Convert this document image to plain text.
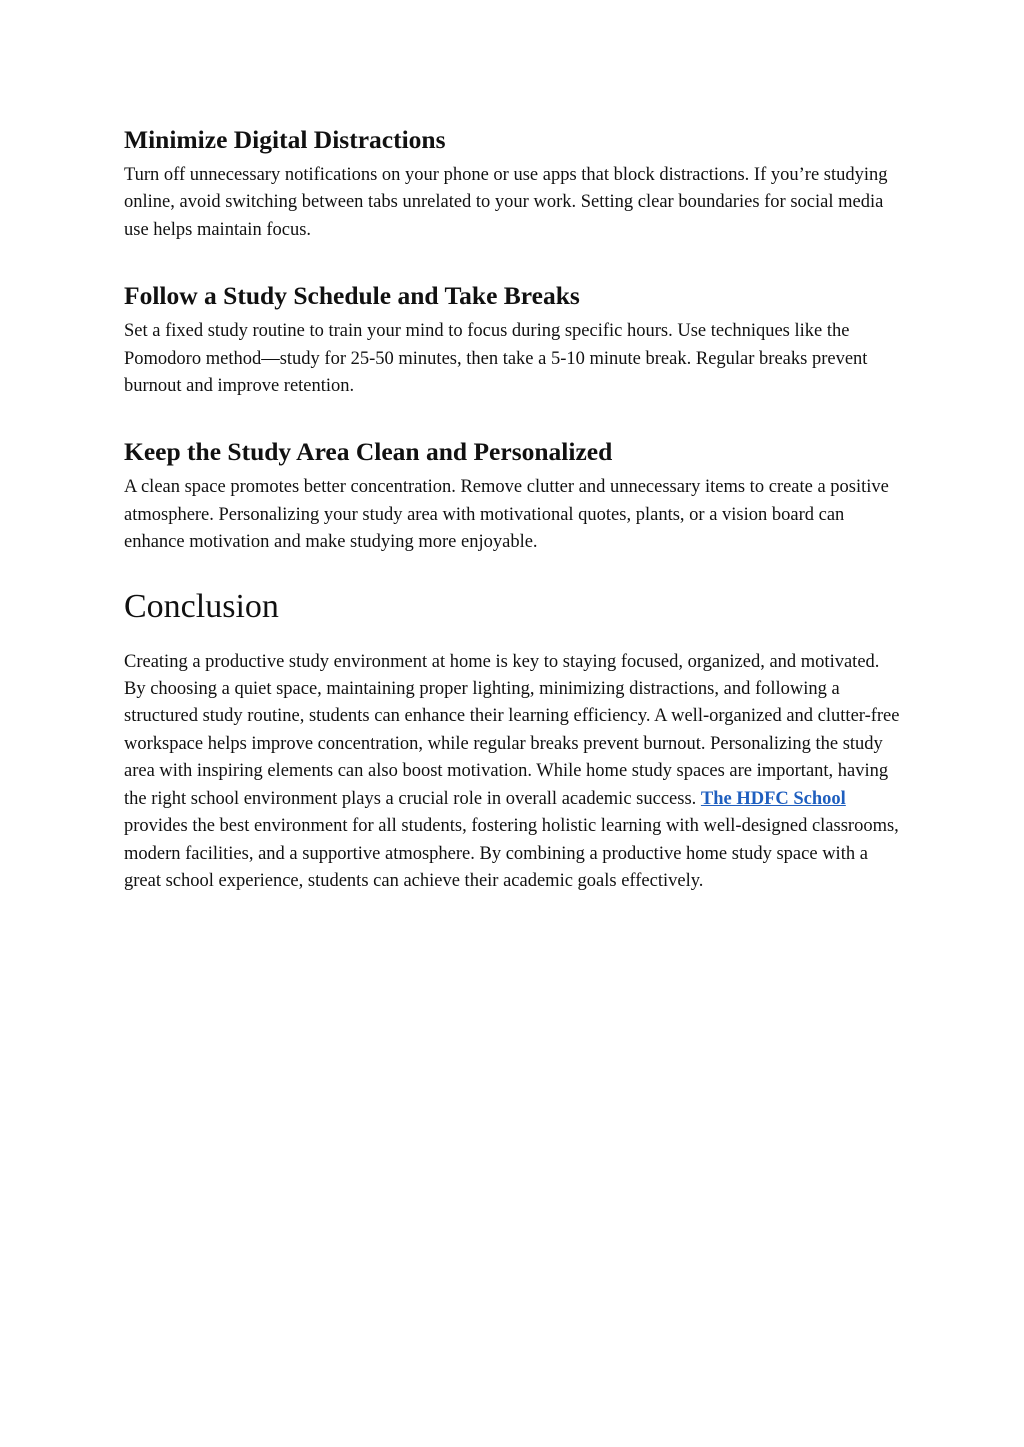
Minimize Digital Distractions

Turn off unnecessary notifications on your phone or use apps that block distractions. If you’re studying online, avoid switching between tabs unrelated to your work. Setting clear boundaries for social media use helps maintain focus.

Follow a Study Schedule and Take Breaks

Set a fixed study routine to train your mind to focus during specific hours. Use techniques like the Pomodoro method—study for 25-50 minutes, then take a 5-10 minute break. Regular breaks prevent burnout and improve retention.

Keep the Study Area Clean and Personalized

A clean space promotes better concentration. Remove clutter and unnecessary items to create a positive atmosphere. Personalizing your study area with motivational quotes, plants, or a vision board can enhance motivation and make studying more enjoyable.

Conclusion

Creating a productive study environment at home is key to staying focused, organized, and motivated. By choosing a quiet space, maintaining proper lighting, minimizing distractions, and following a structured study routine, students can enhance their learning efficiency. A well-organized and clutter-free workspace helps improve concentration, while regular breaks prevent burnout. Personalizing the study area with inspiring elements can also boost motivation. While home study spaces are important, having the right school environment plays a crucial role in overall academic success. The HDFC School provides the best environment for all students, fostering holistic learning with well-designed classrooms, modern facilities, and a supportive atmosphere. By combining a productive home study space with a great school experience, students can achieve their academic goals effectively.
